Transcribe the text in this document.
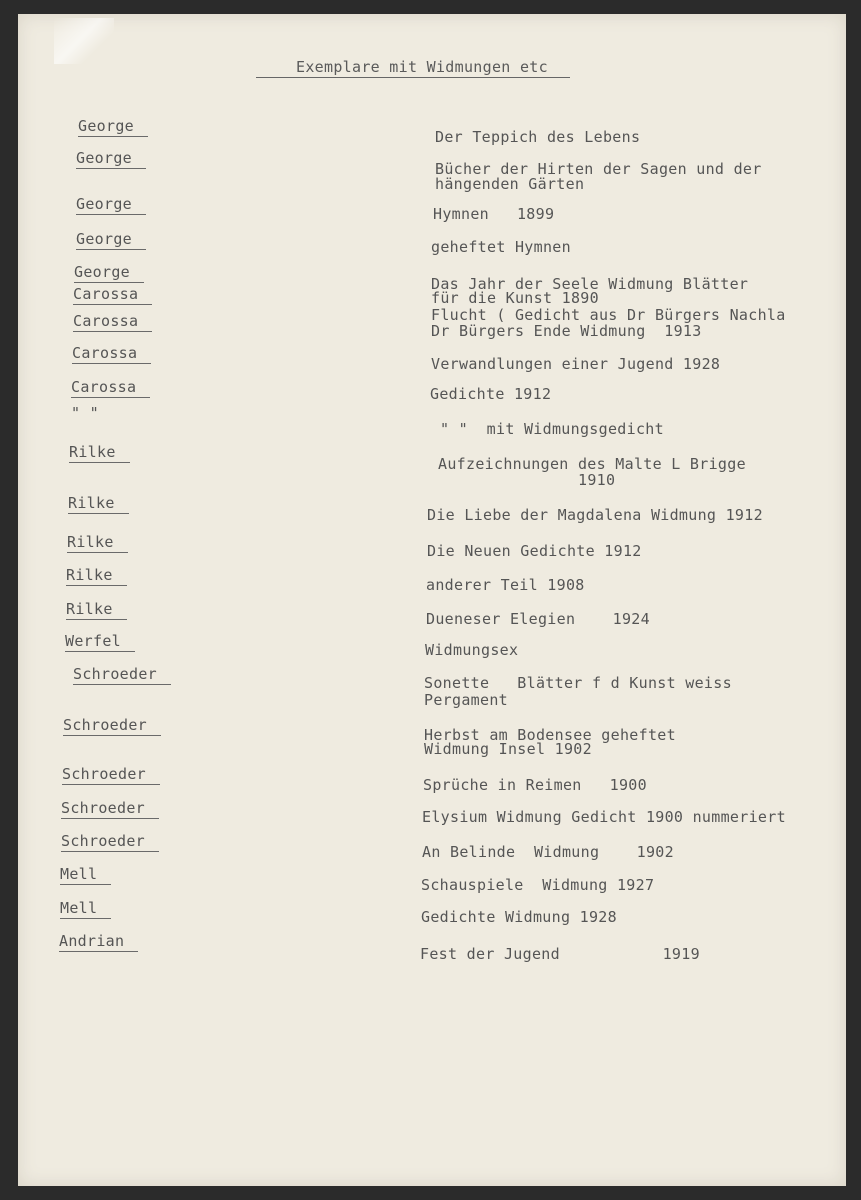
Exemplare mit Widmungen etc
George
George
George
George
George
Carossa
Carossa
Carossa
Carossa
" "
Rilke
Rilke
Rilke
Rilke
Rilke
Werfel
Schroeder
Schroeder
Schroeder
Schroeder
Schroeder
Mell
Mell
Andrian
Der Teppich des Lebens
Bücher der Hirten der Sagen und der
hängenden Gärten
Hymnen   1899
geheftet Hymnen
Das Jahr der Seele Widmung Blätter
für die Kunst 1890
Flucht ( Gedicht aus Dr Bürgers Nachla
Dr Bürgers Ende Widmung  1913
Verwandlungen einer Jugend 1928
Gedichte 1912
" "  mit Widmungsgedicht
Aufzeichnungen des Malte L Brigge
1910
Die Liebe der Magdalena Widmung 1912
Die Neuen Gedichte 1912
anderer Teil 1908
Dueneser Elegien    1924
Widmungsex
Sonette   Blätter f d Kunst weiss
Pergament
Herbst am Bodensee geheftet
Widmung Insel 1902
Sprüche in Reimen   1900
Elysium Widmung Gedicht 1900 nummeriert
An Belinde  Widmung    1902
Schauspiele  Widmung 1927
Gedichte Widmung 1928
Fest der Jugend           1919
